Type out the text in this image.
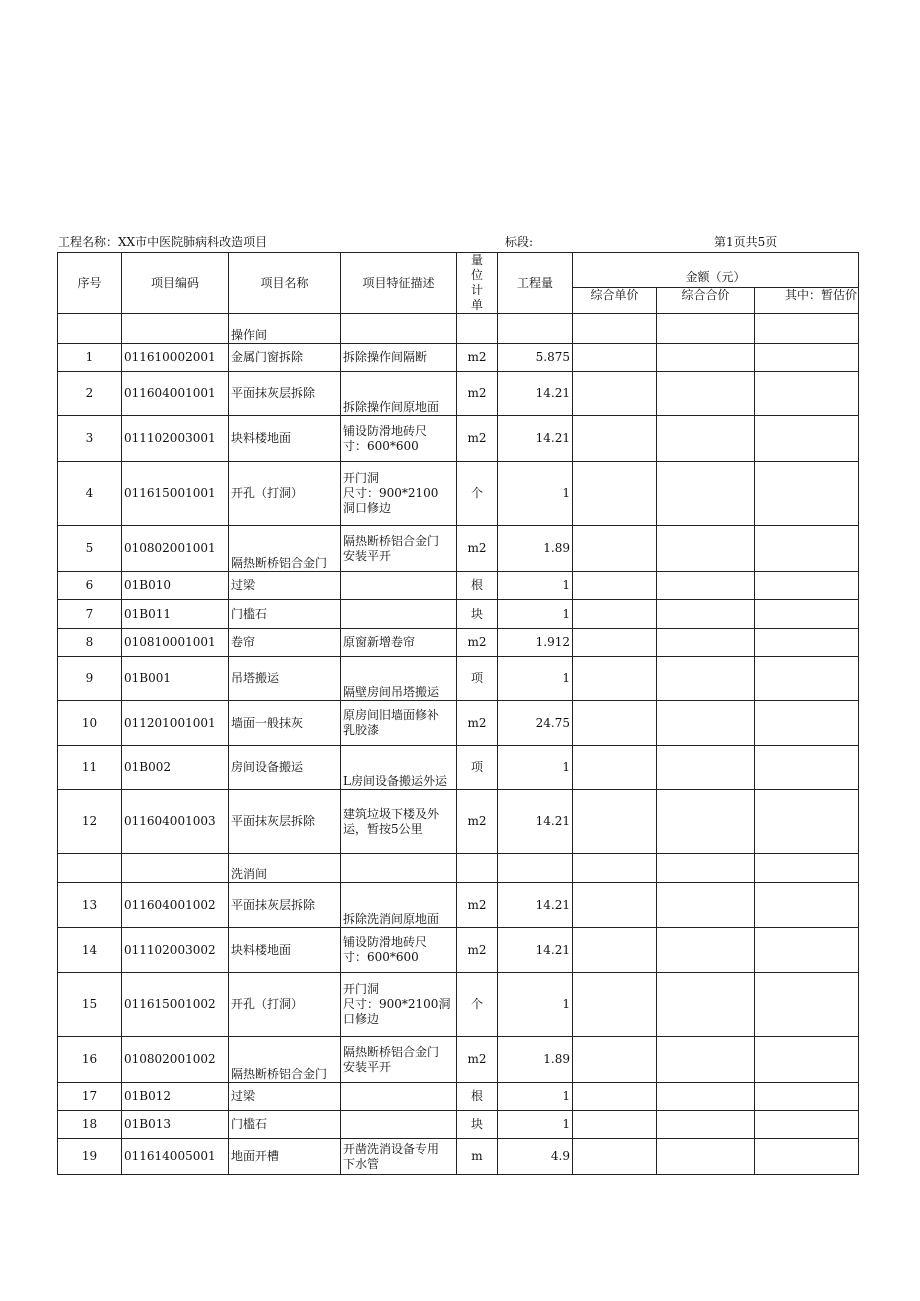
工程名称：XX市中医院肺病科改造项目	标段:	第1页共5页
序号	项目编码	项目名称	项目特征描述	量
位
计
单	工程量	金额（元）		
						综合单价	综合合价	其中：暂估价
		操作间						
1	011610002001	金属门窗拆除	拆除操作间隔断	m2	5.875			
2	011604001001	平面抹灰层拆除	拆除操作间原地面	m2	14.21			
3	011102003001	块料楼地面	铺设防滑地砖尺
寸：600*600	m2	14.21			
4	011615001001	开孔（打洞）	开门洞
尺寸：900*2100
洞口修边	个	1			
5	010802001001	隔热断桥铝合金门	隔热断桥铝合金门
安装平开	m2	1.89			
6	01B010	过梁		根	1			
7	01B011	门槛石		块	1			
8	010810001001	卷帘	原窗新增卷帘	m2	1.912			
9	01B001	吊塔搬运	隔壁房间吊塔搬运	项	1			
10	011201001001	墙面一般抹灰	原房间旧墙面修补
乳胶漆	m2	24.75			
11	01B002	房间设备搬运	L房间设备搬运外运	项	1			
12	011604001003	平面抹灰层拆除	建筑垃圾下楼及外
运，暂按5公里	m2	14.21			
		洗消间						
13	011604001002	平面抹灰层拆除	拆除洗消间原地面	m2	14.21			
14	011102003002	块料楼地面	铺设防滑地砖尺
寸：600*600	m2	14.21			
15	011615001002	开孔（打洞）	开门洞
尺寸：900*2100洞
口修边	个	1			
16	010802001002	隔热断桥铝合金门	隔热断桥铝合金门
安装平开	m2	1.89			
17	01B012	过梁		根	1			
18	01B013	门槛石		块	1			
19	011614005001	地面开槽	开凿洗消设备专用
下水管	m	4.9			
